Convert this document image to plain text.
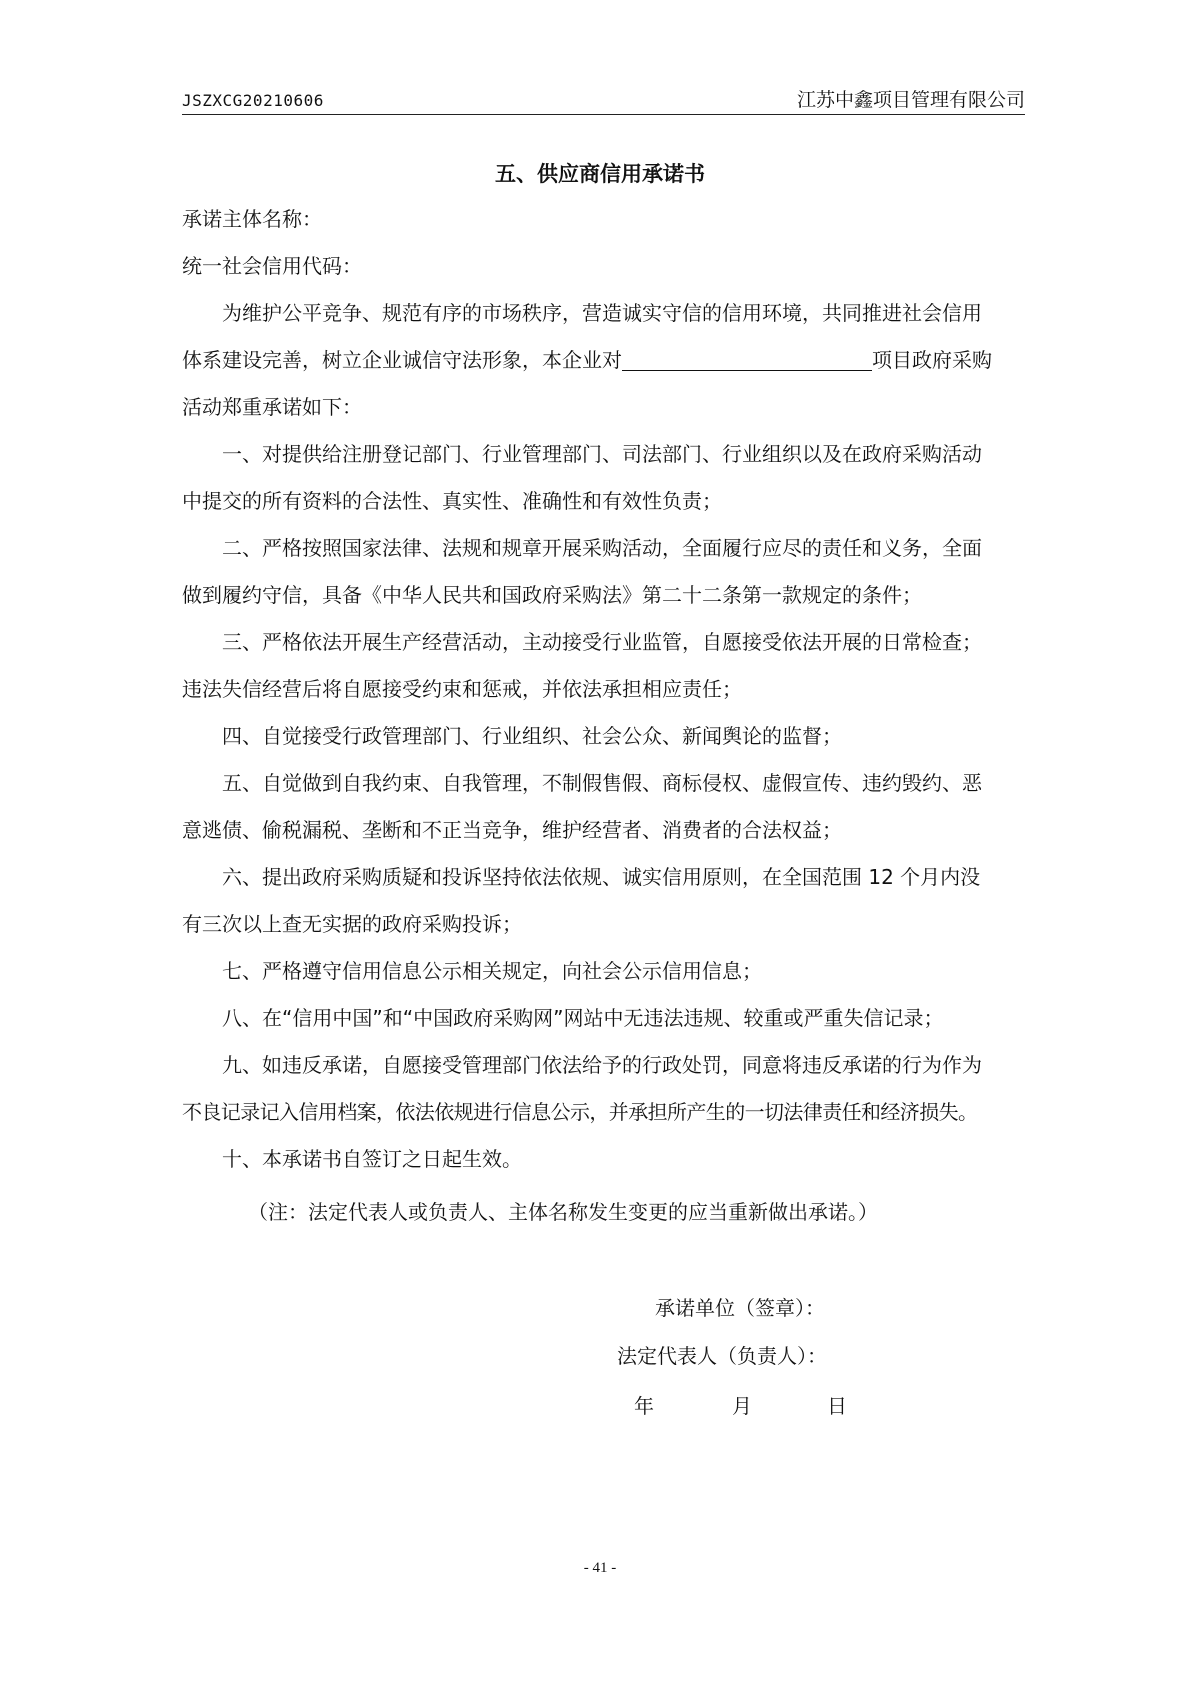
JSZXCG20210606	江苏中鑫项目管理有限公司
五、供应商信用承诺书
承诺主体名称：
统一社会信用代码：
为维护公平竞争、规范有序的市场秩序，营造诚实守信的信用环境，共同推进社会信用
体系建设完善，树立企业诚信守法形象，本企业对	项目政府采购
活动郑重承诺如下：
一、对提供给注册登记部门、行业管理部门、司法部门、行业组织以及在政府采购活动
中提交的所有资料的合法性、真实性、准确性和有效性负责；
二、严格按照国家法律、法规和规章开展采购活动，全面履行应尽的责任和义务，全面
做到履约守信，具备《中华人民共和国政府采购法》第二十二条第一款规定的条件；
三、严格依法开展生产经营活动，主动接受行业监管，自愿接受依法开展的日常检查；
违法失信经营后将自愿接受约束和惩戒，并依法承担相应责任；
四、自觉接受行政管理部门、行业组织、社会公众、新闻舆论的监督；
五、自觉做到自我约束、自我管理，不制假售假、商标侵权、虚假宣传、违约毁约、恶
意逃债、偷税漏税、垄断和不正当竞争，维护经营者、消费者的合法权益；
六、提出政府采购质疑和投诉坚持依法依规、诚实信用原则，在全国范围 12 个月内没
有三次以上查无实据的政府采购投诉；
七、严格遵守信用信息公示相关规定，向社会公示信用信息；
八、在“信用中国”和“中国政府采购网”网站中无违法违规、较重或严重失信记录；
九、如违反承诺，自愿接受管理部门依法给予的行政处罚，同意将违反承诺的行为作为
不良记录记入信用档案，依法依规进行信息公示，并承担所产生的一切法律责任和经济损失。
十、本承诺书自签订之日起生效。
（注：法定代表人或负责人、主体名称发生变更的应当重新做出承诺。）
承诺单位（签章）：
法定代表人（负责人）：
年	月	日
- 41 -
